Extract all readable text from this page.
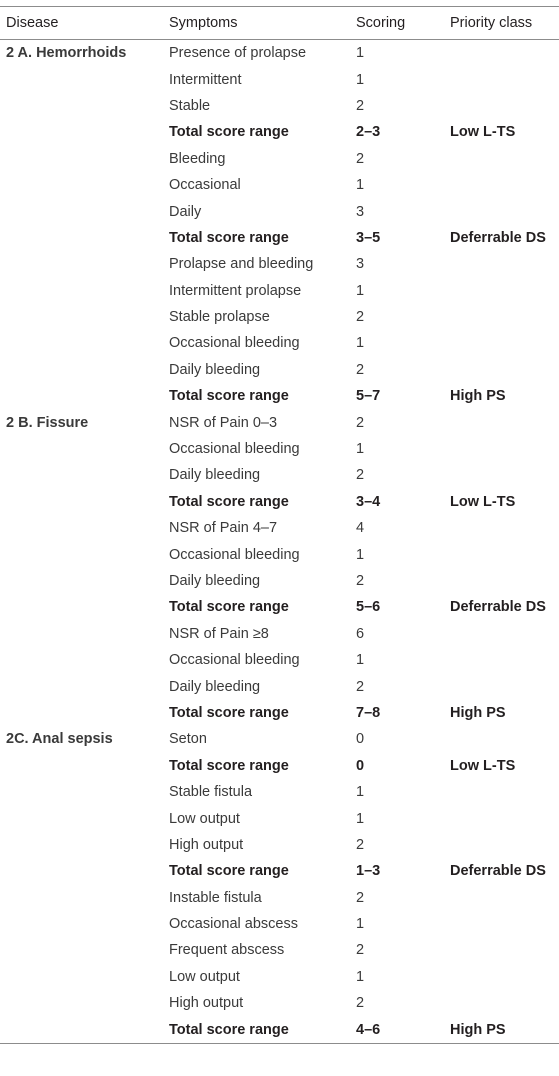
Disease	Symptoms	Scoring	Priority class
2 A. Hemorrhoids	Presence of prolapse	1	
	Intermittent	1	
	Stable	2	
	Total score range	2–3	Low L-TS
	Bleeding	2	
	Occasional	1	
	Daily	3	
	Total score range	3–5	Deferrable DS
	Prolapse and bleeding	3	
	Intermittent prolapse	1	
	Stable prolapse	2	
	Occasional bleeding	1	
	Daily bleeding	2	
	Total score range	5–7	High PS
2 B. Fissure	NSR of Pain 0–3	2	
	Occasional bleeding	1	
	Daily bleeding	2	
	Total score range	3–4	Low L-TS
	NSR of Pain 4–7	4	
	Occasional bleeding	1	
	Daily bleeding	2	
	Total score range	5–6	Deferrable DS
	NSR of Pain ≥8	6	
	Occasional bleeding	1	
	Daily bleeding	2	
	Total score range	7–8	High PS
2C. Anal sepsis	Seton	0	
	Total score range	0	Low L-TS
	Stable fistula	1	
	Low output	1	
	High output	2	
	Total score range	1–3	Deferrable DS
	Instable fistula	2	
	Occasional abscess	1	
	Frequent abscess	2	
	Low output	1	
	High output	2	
	Total score range	4–6	High PS
